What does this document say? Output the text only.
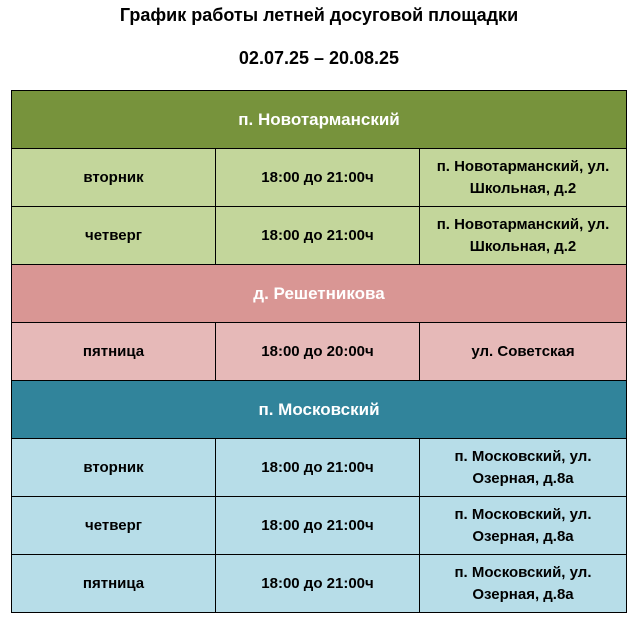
График работы летней досуговой площадки
02.07.25 – 20.08.25
п. Новотарманский		
вторник	18:00 до 21:00ч	п. Новотарманский, ул. Школьная, д.2
четверг	18:00 до 21:00ч	п. Новотарманский, ул. Школьная, д.2
д. Решетникова		
пятница	18:00 до 20:00ч	ул. Советская
п. Московский		
вторник	18:00 до 21:00ч	п. Московский, ул. Озерная, д.8а
четверг	18:00 до 21:00ч	п. Московский, ул. Озерная, д.8а
пятница	18:00 до 21:00ч	п. Московский, ул. Озерная, д.8а
